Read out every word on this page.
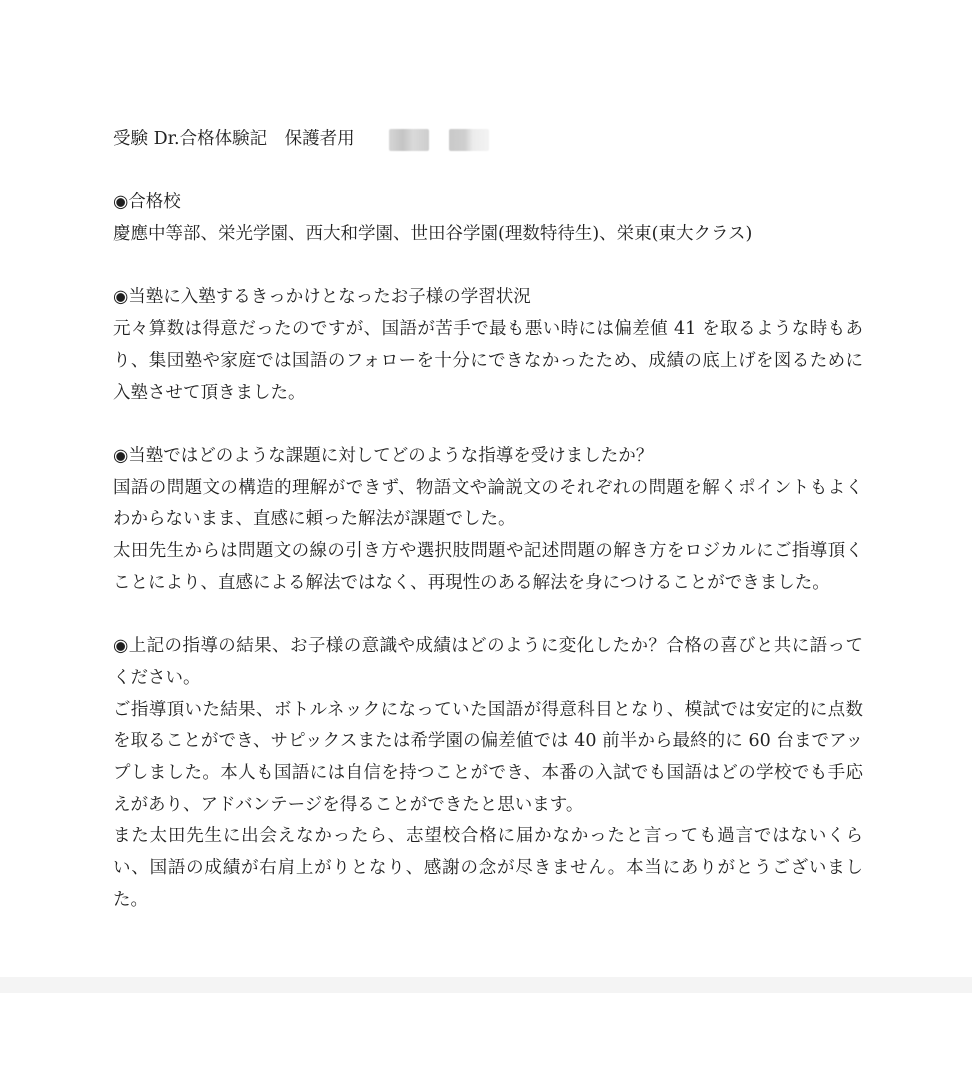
受験 Dr.合格体験記　保護者用

◉合格校

慶應中等部、栄光学園、西大和学園、世田谷学園(理数特待生)、栄東(東大クラス)

◉当塾に入塾するきっかけとなったお子様の学習状況

元々算数は得意だったのですが、国語が苦手で最も悪い時には偏差値 41 を取るような時もあり、集団塾や家庭では国語のフォローを十分にできなかったため、成績の底上げを図るために入塾させて頂きました。

◉当塾ではどのような課題に対してどのような指導を受けましたか？

国語の問題文の構造的理解ができず、物語文や論説文のそれぞれの問題を解くポイントもよくわからないまま、直感に頼った解法が課題でした。

太田先生からは問題文の線の引き方や選択肢問題や記述問題の解き方をロジカルにご指導頂くことにより、直感による解法ではなく、再現性のある解法を身につけることができました。

◉上記の指導の結果、お子様の意識や成績はどのように変化したか？合格の喜びと共に語ってください。

ご指導頂いた結果、ボトルネックになっていた国語が得意科目となり、模試では安定的に点数を取ることができ、サピックスまたは希学園の偏差値では 40 前半から最終的に 60 台までアップしました。本人も国語には自信を持つことができ、本番の入試でも国語はどの学校でも手応えがあり、アドバンテージを得ることができたと思います。

また太田先生に出会えなかったら、志望校合格に届かなかったと言っても過言ではないくらい、国語の成績が右肩上がりとなり、感謝の念が尽きません。本当にありがとうございました。
